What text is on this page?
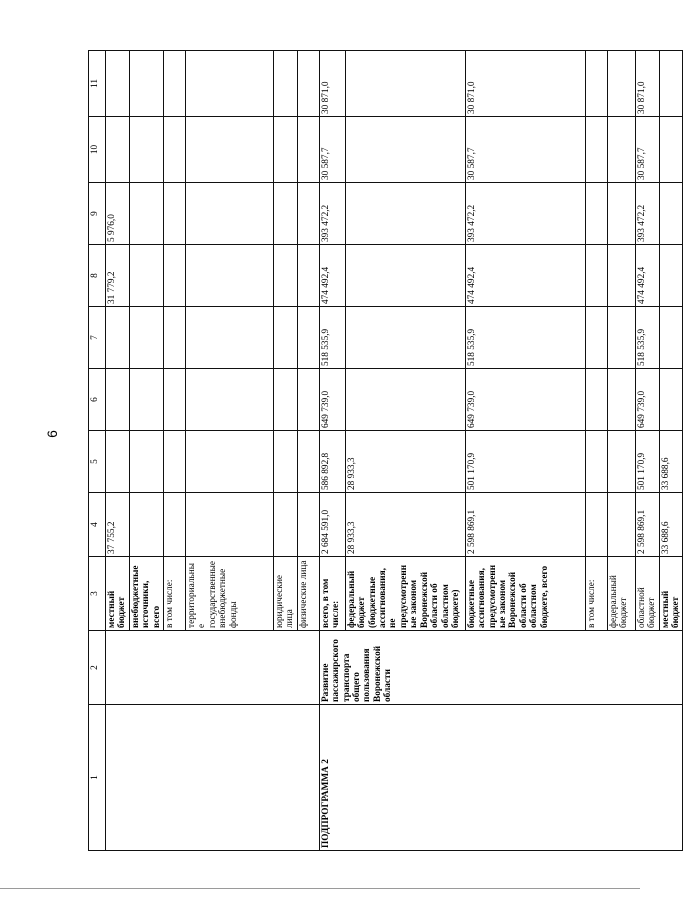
6
1	2	3	4	5	6	7	8	9	10	11
		местный бюджет	37 755,2				31 779,2	5 976,0		
		внебюджетные источники, всего								
		в том числе:								
		территориальные государственные внебюджетные фонды								
		юридические лица								
		физические лица								
ПОДПРОГРАММА 2	Развитие пассажирского транспорта общего пользования Воронежской области	всего, в том числе:	2 684 591,0	586 892,8	649 739,0	518 535,9	474 492,4	393 472,2	30 587,7	30 871,0
		федеральный бюджет (бюджетные ассигнования, не предусмотренные законом Воронежской области об областном бюджете)	28 933,3	28 933,3						
		бюджетные ассигнования, предусмотренные законом Воронежской области об областном бюджете, всего	2 598 869,1	501 170,9	649 739,0	518 535,9	474 492,4	393 472,2	30 587,7	30 871,0
		в том числе:								
		федеральный бюджет								
		областной бюджет	2 598 869,1	501 170,9	649 739,0	518 535,9	474 492,4	393 472,2	30 587,7	30 871,0
		местный бюджет	33 688,6	33 688,6						
